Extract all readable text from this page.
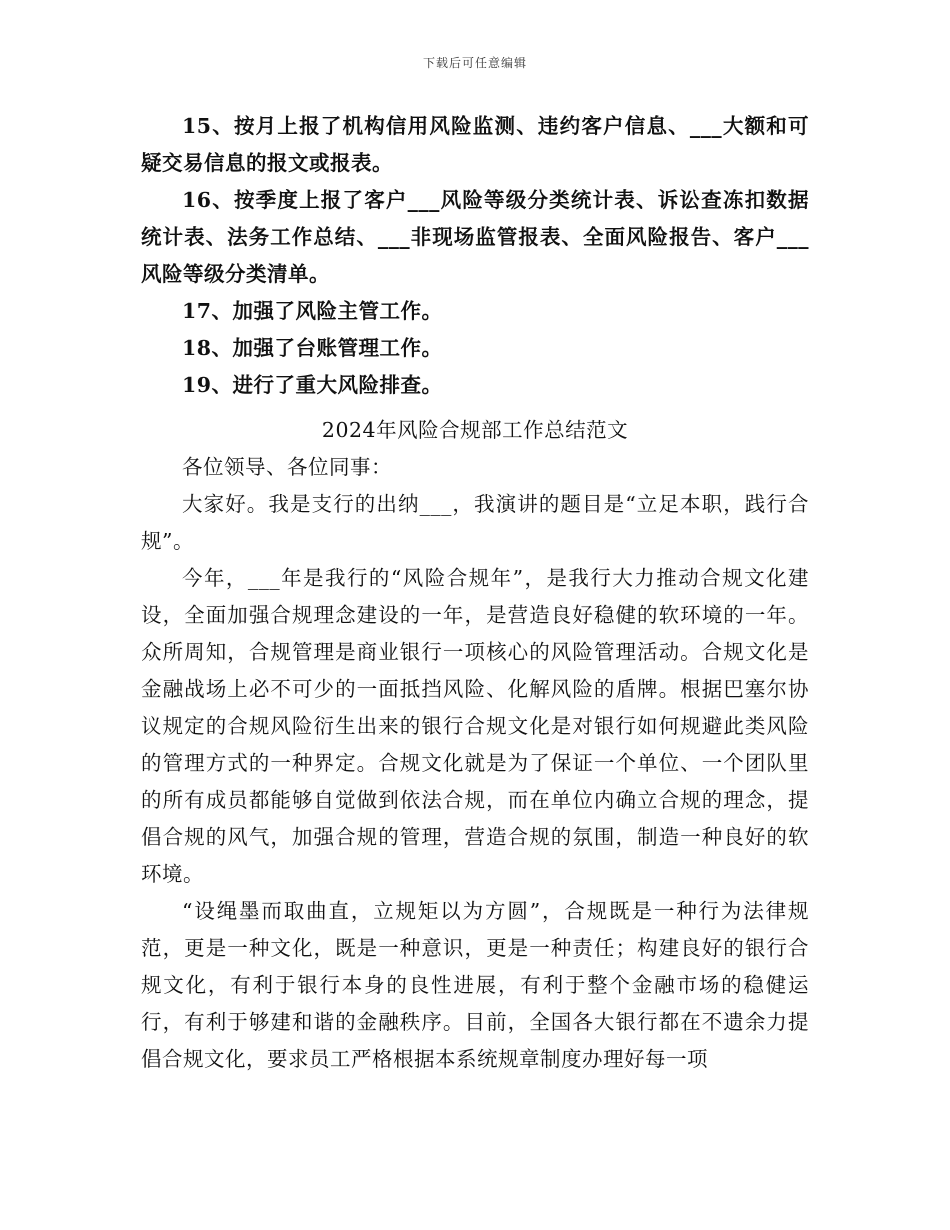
下载后可任意编辑

15、按月上报了机构信用风险监测、违约客户信息、___大额和可疑交易信息的报文或报表。

16、按季度上报了客户___风险等级分类统计表、诉讼查冻扣数据统计表、法务工作总结、___非现场监管报表、全面风险报告、客户___风险等级分类清单。

17、加强了风险主管工作。

18、加强了台账管理工作。

19、进行了重大风险排查。

2024年风险合规部工作总结范文

各位领导、各位同事：

大家好。我是支行的出纳___，我演讲的题目是“立足本职，践行合规”。

今年，___年是我行的“风险合规年”，是我行大力推动合规文化建设，全面加强合规理念建设的一年，是营造良好稳健的软环境的一年。众所周知，合规管理是商业银行一项核心的风险管理活动。合规文化是金融战场上必不可少的一面抵挡风险、化解风险的盾牌。根据巴塞尔协议规定的合规风险衍生出来的银行合规文化是对银行如何规避此类风险的管理方式的一种界定。合规文化就是为了保证一个单位、一个团队里的所有成员都能够自觉做到依法合规，而在单位内确立合规的理念，提倡合规的风气，加强合规的管理，营造合规的氛围，制造一种良好的软环境。

“设绳墨而取曲直，立规矩以为方圆”，合规既是一种行为法律规范，更是一种文化，既是一种意识，更是一种责任；构建良好的银行合规文化，有利于银行本身的良性进展，有利于整个金融市场的稳健运行，有利于够建和谐的金融秩序。目前，全国各大银行都在不遗余力提倡合规文化，要求员工严格根据本系统规章制度办理好每一项
